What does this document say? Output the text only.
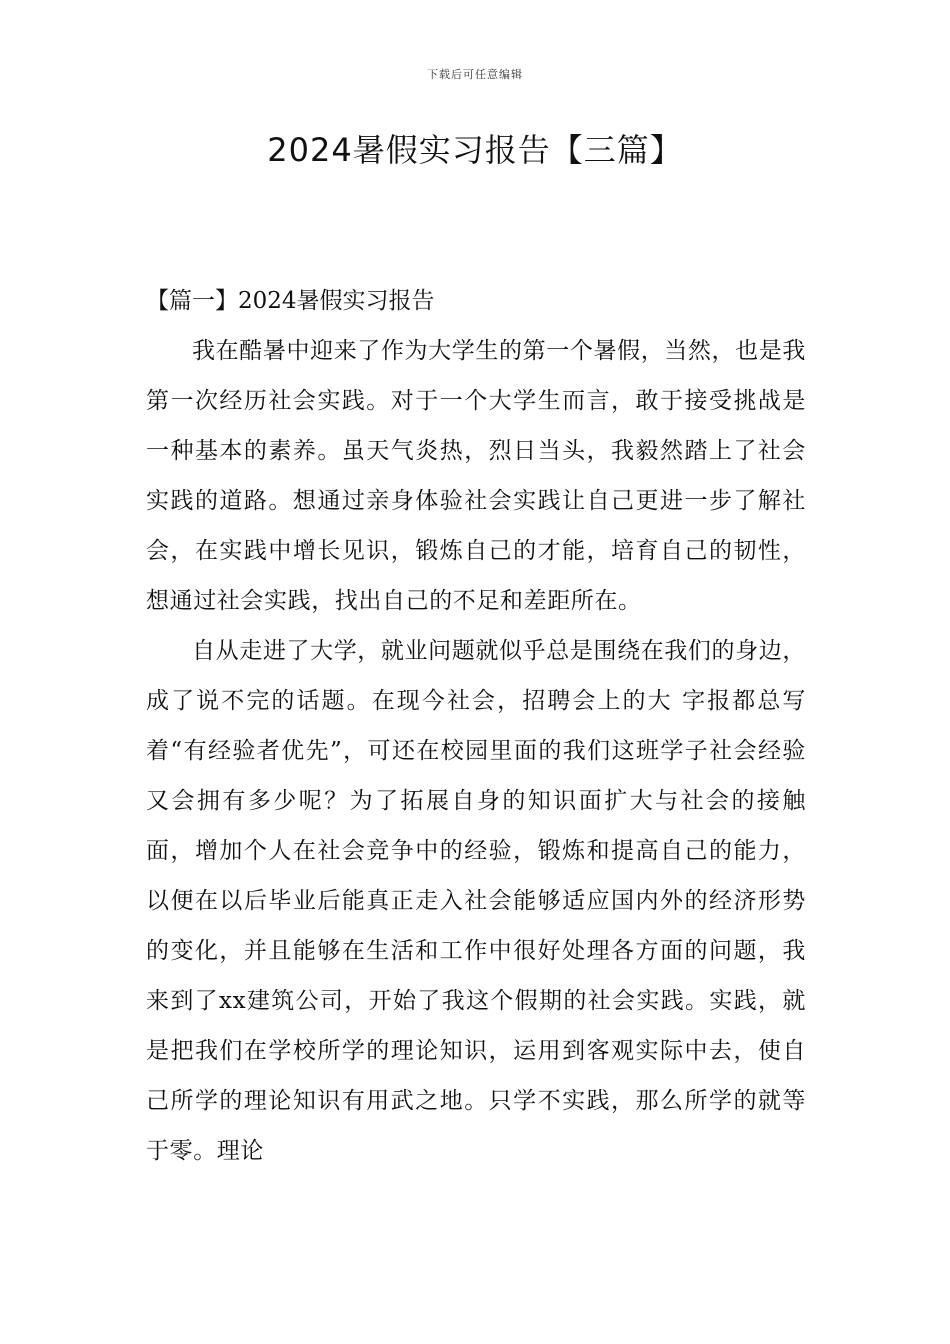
下载后可任意编辑
2024暑假实习报告【三篇】

【篇一】2024暑假实习报告

我在酷暑中迎来了作为大学生的第一个暑假，当然，也是我第一次经历社会实践。对于一个大学生而言，敢于接受挑战是一种基本的素养。虽天气炎热，烈日当头，我毅然踏上了社会实践的道路。想通过亲身体验社会实践让自己更进一步了解社会，在实践中增长见识，锻炼自己的才能，培育自己的韧性，想通过社会实践，找出自己的不足和差距所在。

自从走进了大学，就业问题就似乎总是围绕在我们的身边，成了说不完的话题。在现今社会，招聘会上的大 字报都总写着“有经验者优先”，可还在校园里面的我们这班学子社会经验又会拥有多少呢？为了拓展自身的知识面扩大与社会的接触面，增加个人在社会竞争中的经验，锻炼和提高自己的能力，以便在以后毕业后能真正走入社会能够适应国内外的经济形势的变化，并且能够在生活和工作中很好处理各方面的问题，我来到了xx建筑公司，开始了我这个假期的社会实践。实践，就是把我们在学校所学的理论知识，运用到客观实际中去，使自己所学的理论知识有用武之地。只学不实践，那么所学的就等于零。理论
